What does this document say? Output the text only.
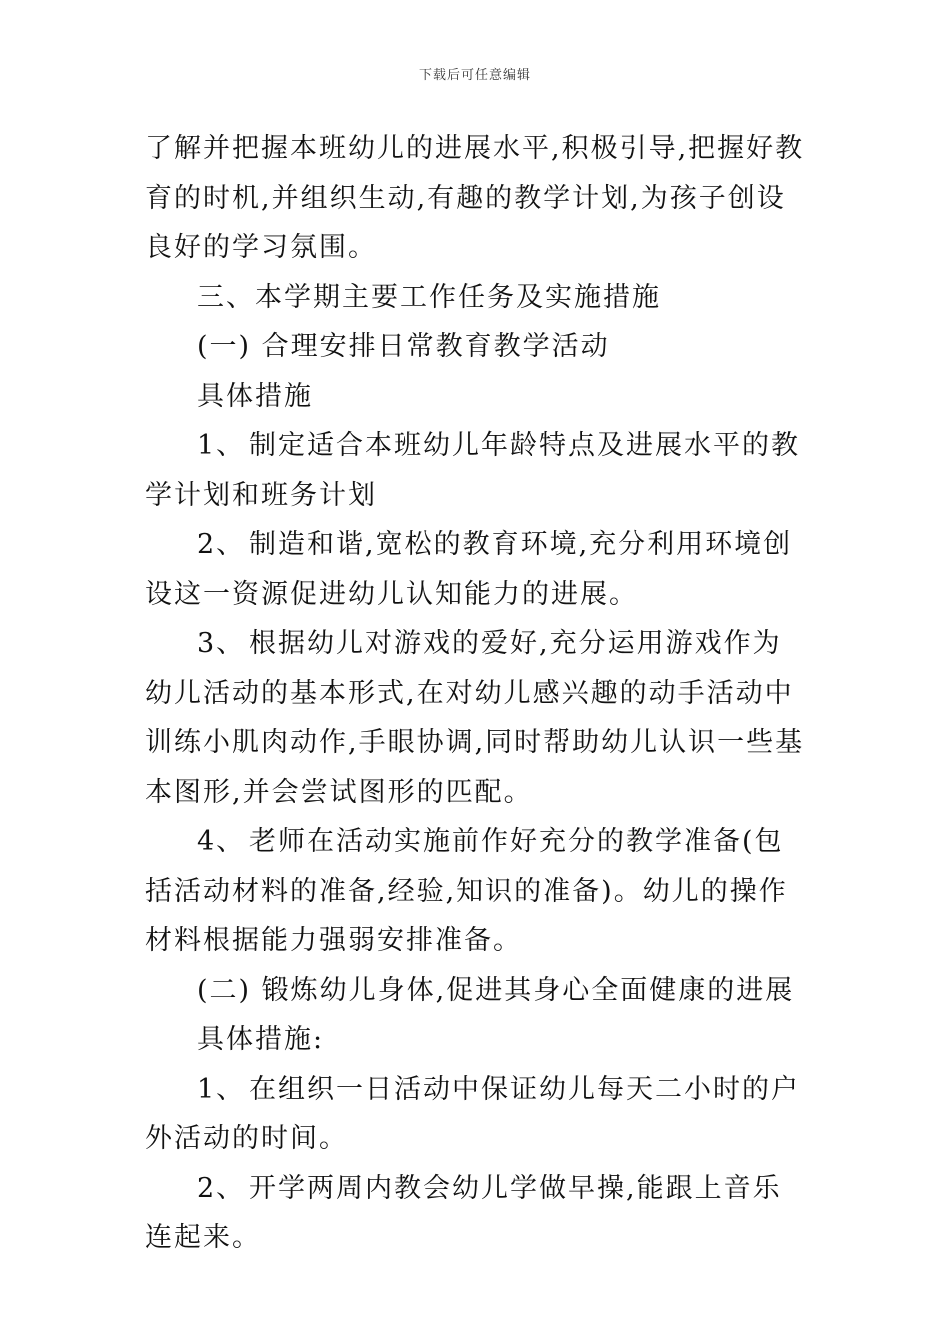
下载后可任意编辑

了解并把握本班幼儿的进展水平,积极引导,把握好教育的时机,并组织生动,有趣的教学计划,为孩子创设良好的学习氛围。

三、本学期主要工作任务及实施措施

(一) 合理安排日常教育教学活动

具体措施

1、 制定适合本班幼儿年龄特点及进展水平的教学计划和班务计划

2、 制造和谐,宽松的教育环境,充分利用环境创设这一资源促进幼儿认知能力的进展。

3、 根据幼儿对游戏的爱好,充分运用游戏作为幼儿活动的基本形式,在对幼儿感兴趣的动手活动中训练小肌肉动作,手眼协调,同时帮助幼儿认识一些基本图形,并会尝试图形的匹配。

4、 老师在活动实施前作好充分的教学准备(包括活动材料的准备,经验,知识的准备)。幼儿的操作材料根据能力强弱安排准备。

(二) 锻炼幼儿身体,促进其身心全面健康的进展

具体措施:

1、 在组织一日活动中保证幼儿每天二小时的户外活动的时间。

2、 开学两周内教会幼儿学做早操,能跟上音乐连起来。
